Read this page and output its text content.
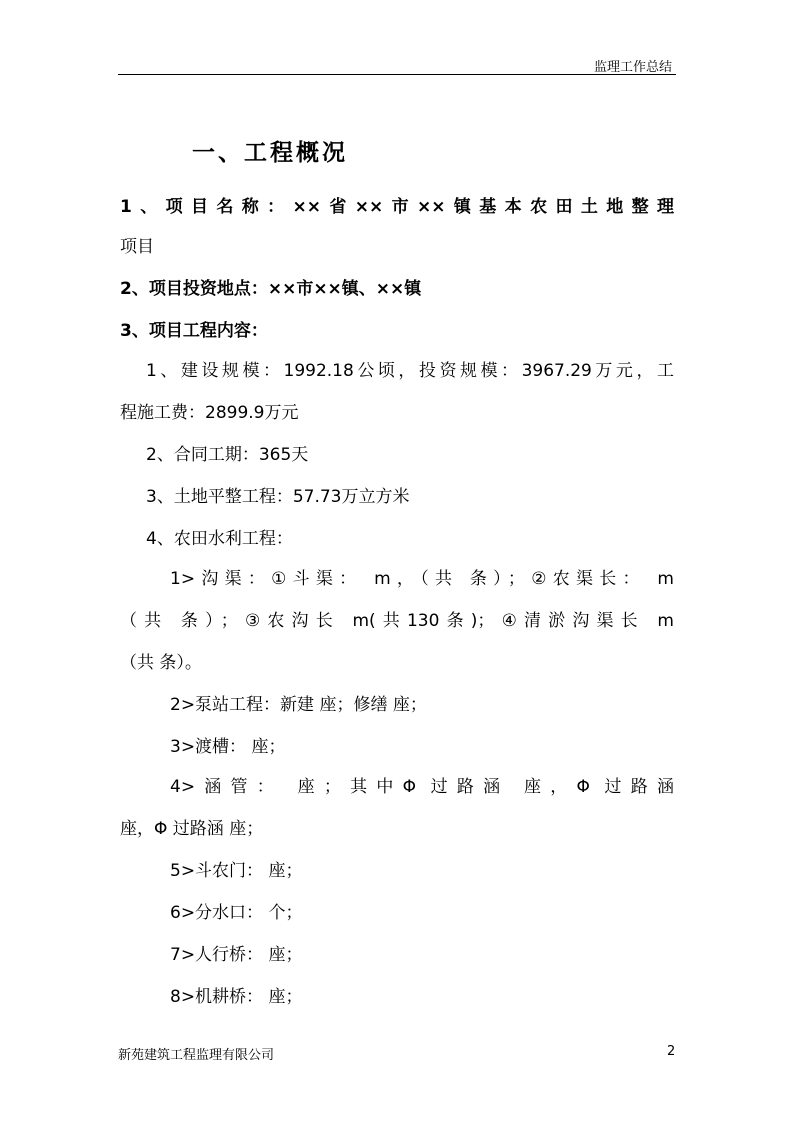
监理工作总结
一、工程概况
1、项目名称：××省××市××镇基本农田土地整理
项目
2、项目投资地点：××市××镇、××镇
3、项目工程内容：
1、建设规模：1992.18公顷，投资规模：3967.29万元，工
程施工费：2899.9万元
2、合同工期：365天
3、土地平整工程：57.73万立方米
4、农田水利工程：
1>沟渠：①斗渠： m，（共 条）；②农渠长： m
（共 条）；③农沟长 m(共130条)；④清淤沟渠长 m
（共 条）。
2>泵站工程：新建 座；修缮 座；
3>渡槽： 座；
4>涵管： 座；其中Φ 过路涵 座，Φ 过路涵
座，Φ 过路涵 座；
5>斗农门： 座；
6>分水口： 个；
7>人行桥： 座；
8>机耕桥： 座；
新苑建筑工程监理有限公司	2
